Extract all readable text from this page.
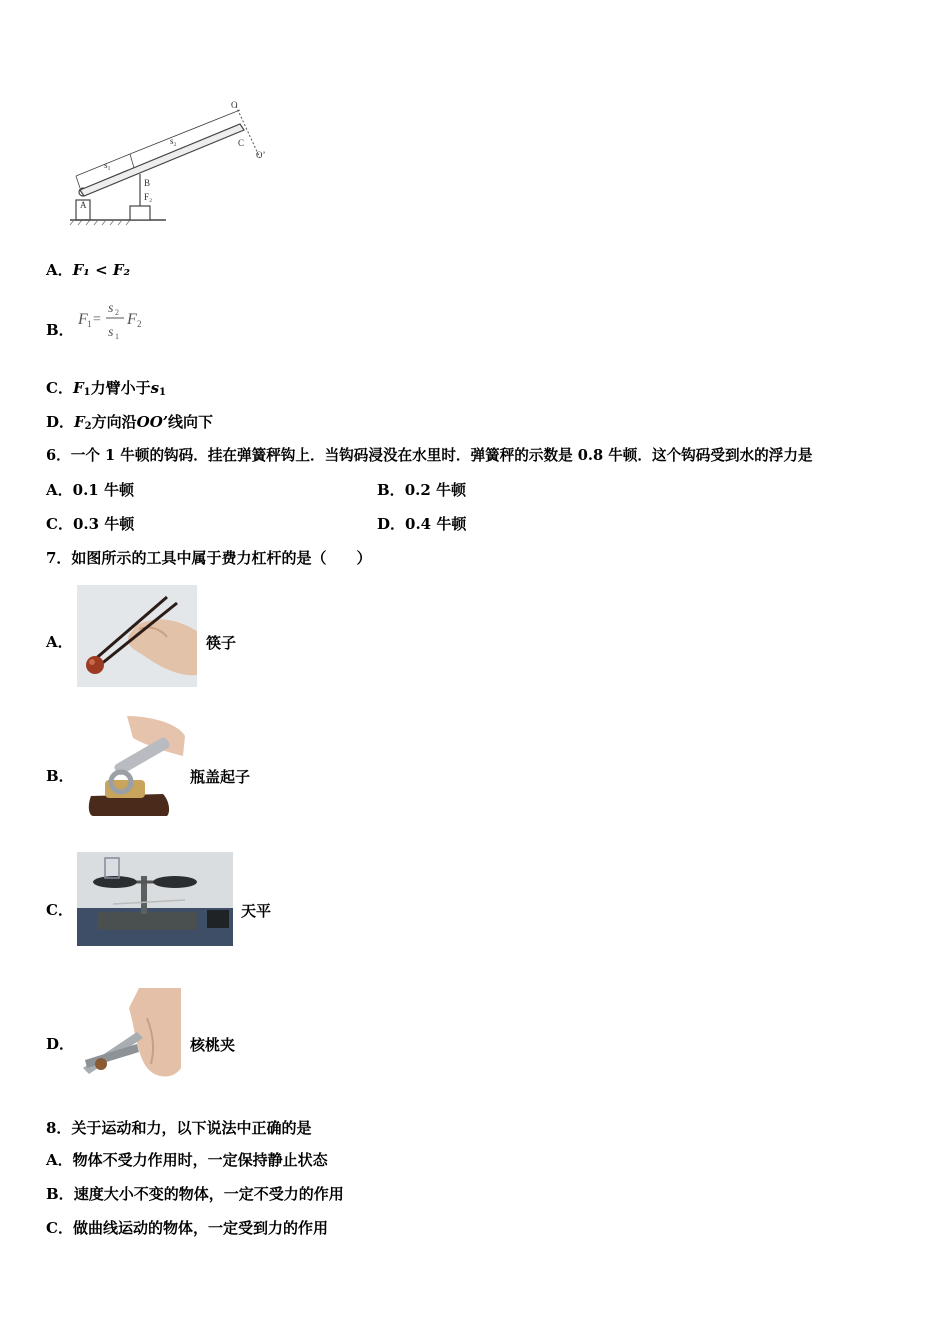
s₁
s₂
O
O’
C
A
B
F₂
A．F₁ < F₂
B．
F 1 =
s 2
s 1
F 2
C．$F_1$力臂小于$s_1$
D．$F_2$方向沿OO’线向下
6．一个 1 牛顿的钩码．挂在弹簧秤钩上．当钩码浸没在水里时．弹簧秤的示数是 0.8 牛顿．这个钩码受到水的浮力是
A．0.1 牛顿	B．0.2 牛顿
C．0.3 牛顿	D．0.4 牛顿
7．如图所示的工具中属于费力杠杆的是（　　）
A．	筷子
B．	瓶盖起子
C．	天平
D．	核桃夹
8．关于运动和力，以下说法中正确的是
A．物体不受力作用时，一定保持静止状态
B．速度大小不变的物体，一定不受力的作用
C．做曲线运动的物体，一定受到力的作用
